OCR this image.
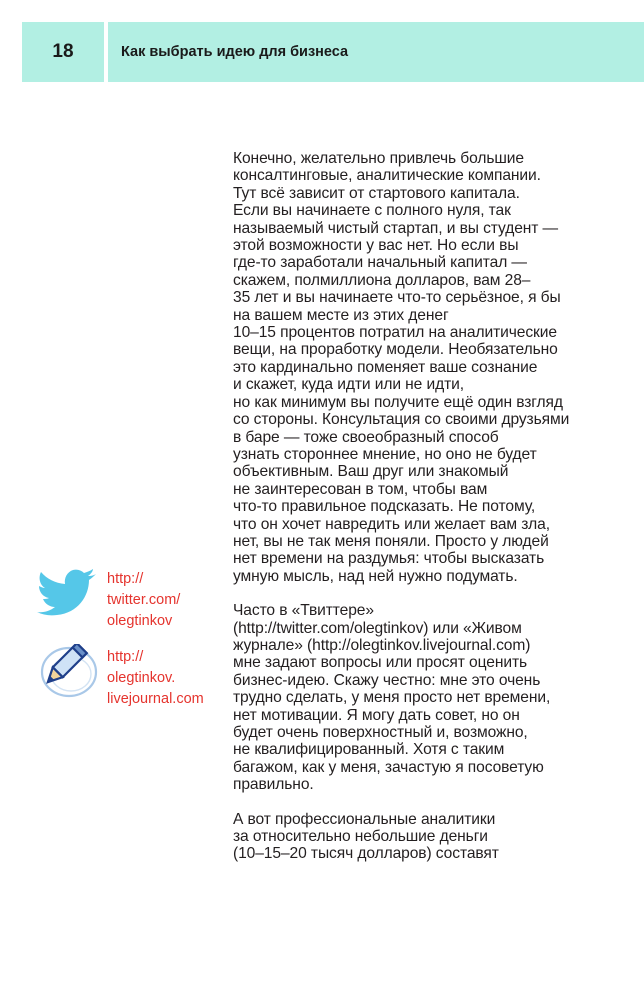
18	Как выбрать идею для бизнеса
http://
twitter.com/
olegtinkov
http://
olegtinkov.
livejournal.com
Конечно, желательно привлечь большие
консалтинговые, аналитические компании.
Тут всё зависит от стартового капитала.
Если вы начинаете с полного нуля, так
называемый чистый стартап, и вы студент —
этой возможности у вас нет. Но если вы
где-то заработали начальный капитал —
скажем, полмиллиона долларов, вам 28–
35 лет и вы начинаете что-то серьёзное, я бы
на вашем месте из этих денег
10–15 процентов потратил на аналитические
вещи, на проработку модели. Необязательно
это кардинально поменяет ваше сознание
и скажет, куда идти или не идти,
но как минимум вы получите ещё один взгляд
со стороны. Консультация со своими друзьями
в баре — тоже своеобразный способ
узнать стороннее мнение, но оно не будет
объективным. Ваш друг или знакомый
не заинтересован в том, чтобы вам
что-то правильное подсказать. Не потому,
что он хочет навредить или желает вам зла,
нет, вы не так меня поняли. Просто у людей
нет времени на раздумья: чтобы высказать
умную мысль, над ней нужно подумать.
Часто в «Твиттере»
(http://twitter.com/olegtinkov) или «Живом
журнале» (http://olegtinkov.livejournal.com)
мне задают вопросы или просят оценить
бизнес-идею. Скажу честно: мне это очень
трудно сделать, у меня просто нет времени,
нет мотивации. Я могу дать совет, но он
будет очень поверхностный и, возможно,
не квалифицированный. Хотя с таким
багажом, как у меня, зачастую я посоветую
правильно.
А вот профессиональные аналитики
за относительно небольшие деньги
(10–15–20 тысяч долларов) составят
